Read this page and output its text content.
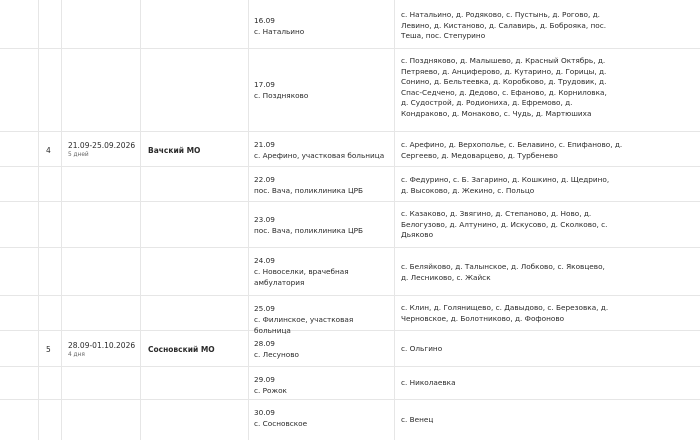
16.09
с. Натальино
с. Натальино, д. Родяково, с. Пустынь, д. Рогово, д.
Левино, д. Кистаново, д. Салавирь, д. Боброяка, пос.
Теша, пос. Степурино
17.09
с. Поздняково
с. Поздняково, д. Малышево, д. Красный Октябрь, д.
Петряево, д. Анциферово, д. Кутарино, д. Горицы, д.
Сонино, д. Бельтеевка, д. Коробково, д. Трудовик, д.
Спас-Седчено, д. Дедово, с. Ефаново, д. Корниловка,
д. Судострой, д. Родиониха, д. Ефремово, д.
Кондраково, д. Монаково, с. Чудь, д. Мартюшиха
4
21.09-25.09.2026
5 дней	Вачский МО
21.09
с. Арефино, участковая больница
с. Арефино, д. Верхополье, с. Белавино, с. Епифаново, д.
Сергеево, д. Медоварцево, д. Турбенево
22.09
пос. Вача, поликлиника ЦРБ
с. Федурино, с. Б. Загарино, д. Кошкино, д. Щедрино,
д. Высоково, д. Жекино, с. Польцо
23.09
пос. Вача, поликлиника ЦРБ
с. Казаково, д. Звягино, д. Степаново, д. Ново, д.
Белогузово, д. Алтунино, д. Искусово, д. Сколково, с.
Дьяково
24.09
с. Новоселки, врачебная амбулатория
с. Беляйково, д. Талынское, д. Лобково, с. Яковцево,
д. Лесниково, с. Жайск
25.09
с. Филинское, участковая больница
с. Клин, д. Голянищево, с. Давыдово, с. Березовка, д.
Черновское, д. Болотниково, д. Фофоново
5 28.09-01.10.2026
4 дня
Сосновский МО
28.09
с. Лесуново
с. Ольгино
29.09
с. Рожок
с. Николаевка
30.09
с. Сосновское	с. Венец
